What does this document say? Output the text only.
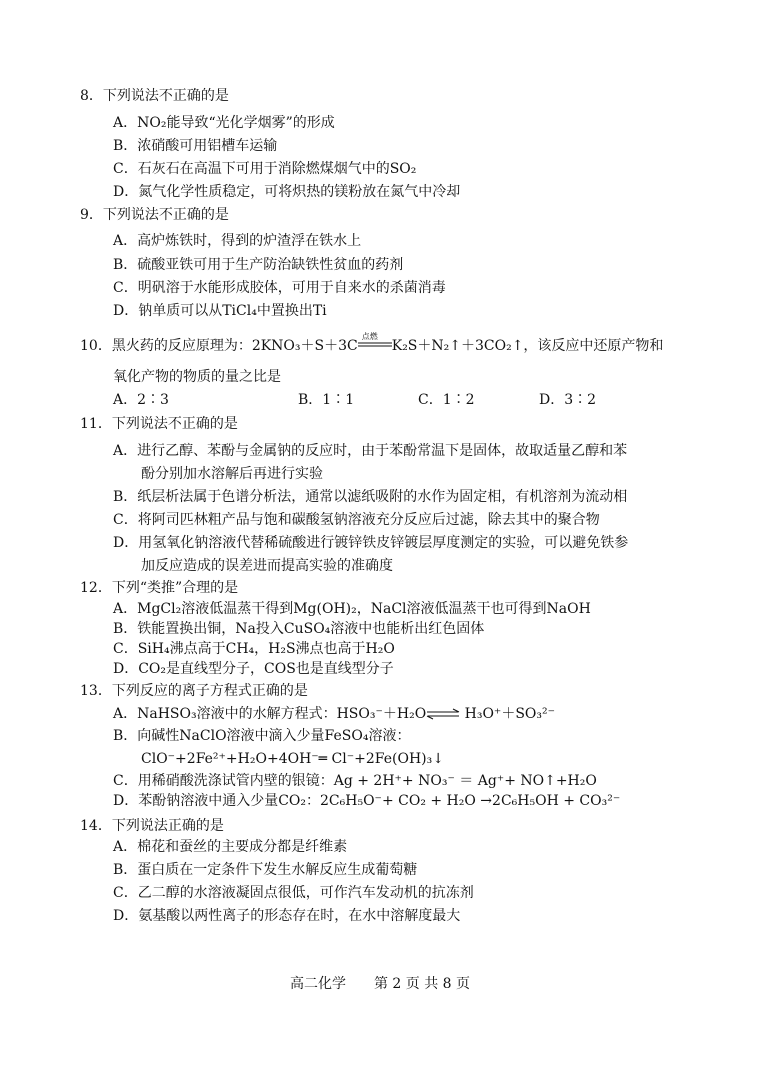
8．下列说法不正确的是
A．NO₂能导致“光化学烟雾”的形成
B．浓硝酸可用铝槽车运输
C．石灰石在高温下可用于消除燃煤烟气中的SO₂
D．氮气化学性质稳定，可将炽热的镁粉放在氮气中冷却
9．下列说法不正确的是
A．高炉炼铁时，得到的炉渣浮在铁水上
B．硫酸亚铁可用于生产防治缺铁性贫血的药剂
C．明矾溶于水能形成胶体，可用于自来水的杀菌消毒
D．钠单质可以从TiCl₄中置换出Ti
10．黑火药的反应原理为：2KNO₃＋S＋3C
点燃
K₂S＋N₂↑＋3CO₂↑，该反应中还原产物和
氧化产物的物质的量之比是
A．2∶3	B．1∶1	C．1∶2	D．3∶2
11．下列说法不正确的是
A．进行乙醇、苯酚与金属钠的反应时，由于苯酚常温下是固体，故取适量乙醇和苯
酚分别加水溶解后再进行实验
B．纸层析法属于色谱分析法，通常以滤纸吸附的水作为固定相，有机溶剂为流动相
C．将阿司匹林粗产品与饱和碳酸氢钠溶液充分反应后过滤，除去其中的聚合物
D．用氢氧化钠溶液代替稀硫酸进行镀锌铁皮锌镀层厚度测定的实验，可以避免铁参
加反应造成的误差进而提高实验的准确度
12．下列“类推”合理的是
A．MgCl₂溶液低温蒸干得到Mg(OH)₂，NaCl溶液低温蒸干也可得到NaOH
B．铁能置换出铜，Na投入CuSO₄溶液中也能析出红色固体
C．SiH₄沸点高于CH₄，H₂S沸点也高于H₂O
D．CO₂是直线型分子，COS也是直线型分子
13．下列反应的离子方程式正确的是
A．NaHSO₃溶液中的水解方程式：HSO₃⁻＋H₂O⇌ H₃O⁺＋SO₃²⁻
B．向碱性NaClO溶液中滴入少量FeSO₄溶液：
ClO⁻+2Fe²⁺+H₂O+4OH⁻═ Cl⁻+2Fe(OH)₃↓
C．用稀硝酸洗涤试管内壁的银镜：Ag + 2H⁺+ NO₃⁻ ＝ Ag⁺+ NO↑+H₂O
D．苯酚钠溶液中通入少量CO₂：2C₆H₅O⁻+ CO₂ + H₂O →2C₆H₅OH + CO₃²⁻
14．下列说法正确的是
A．棉花和蚕丝的主要成分都是纤维素
B．蛋白质在一定条件下发生水解反应生成葡萄糖
C．乙二醇的水溶液凝固点很低，可作汽车发动机的抗冻剂
D．氨基酸以两性离子的形态存在时，在水中溶解度最大
高二化学　　第 2 页 共 8 页
